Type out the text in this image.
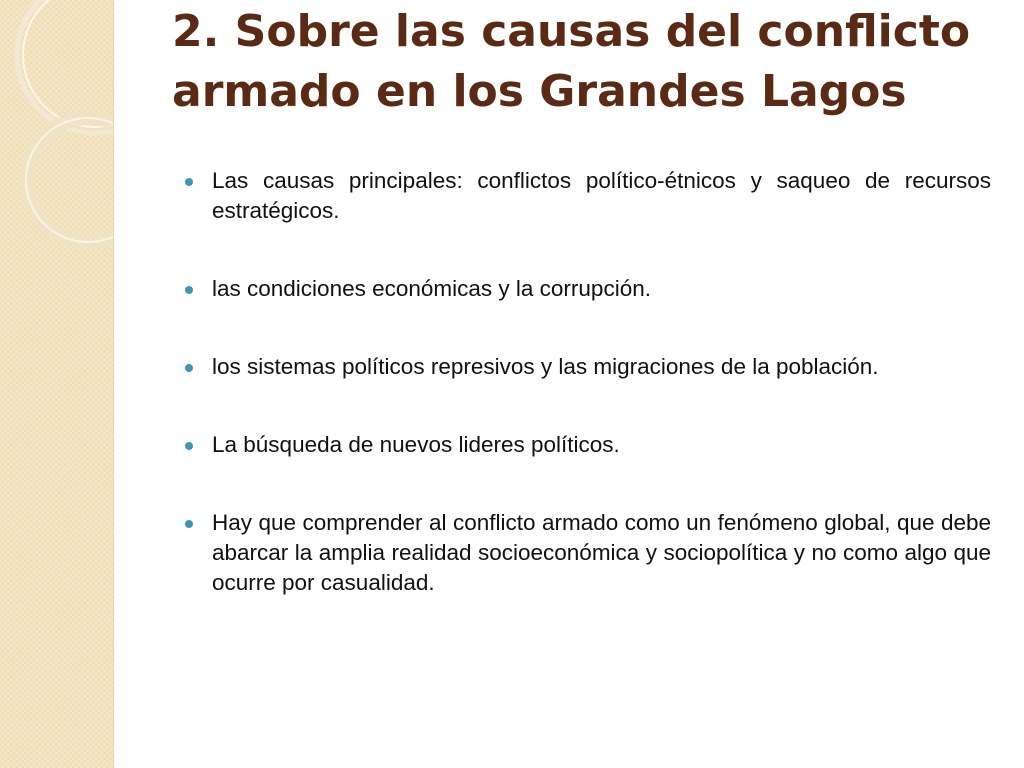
2. Sobre las causas del conflicto armado en los Grandes Lagos
Las causas principales: conflictos político-étnicos y saqueo de recursos estratégicos.
las condiciones económicas y la corrupción.
los sistemas políticos represivos y las migraciones de la población.
La búsqueda de nuevos lideres políticos.
Hay que comprender al conflicto armado como un fenómeno global, que debe abarcar la amplia realidad socioeconómica y sociopolítica y no como algo que ocurre por casualidad.
